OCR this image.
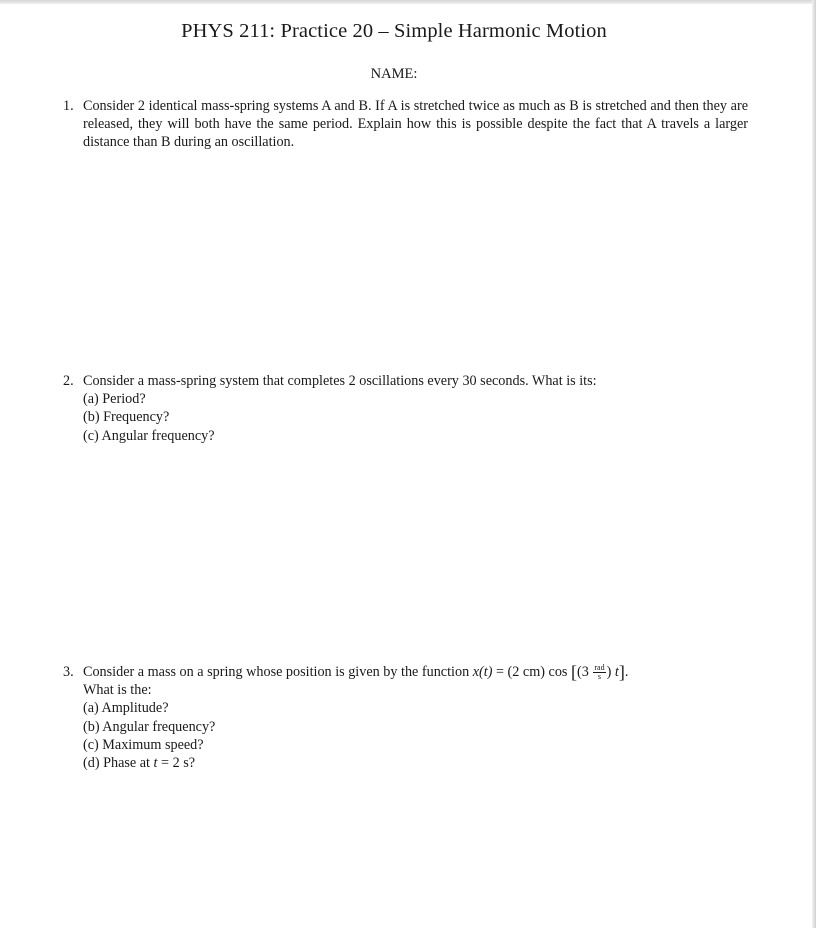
PHYS 211: Practice 20 – Simple Harmonic Motion
NAME:
1. Consider 2 identical mass-spring systems A and B. If A is stretched twice as much as B is stretched and then they are released, they will both have the same period. Explain how this is possible despite the fact that A travels a larger distance than B during an oscillation.
2. Consider a mass-spring system that completes 2 oscillations every 30 seconds. What is its:
(a) Period?
(b) Frequency?
(c) Angular frequency?
3. Consider a mass on a spring whose position is given by the function x(t) = (2 cm) $\cos [(3 \frac{\text{rad}}{s}$ ) t].
What is the:
(a) Amplitude?
(b) Angular frequency?
(c) Maximum speed?
(d) Phase at t = 2 s?
